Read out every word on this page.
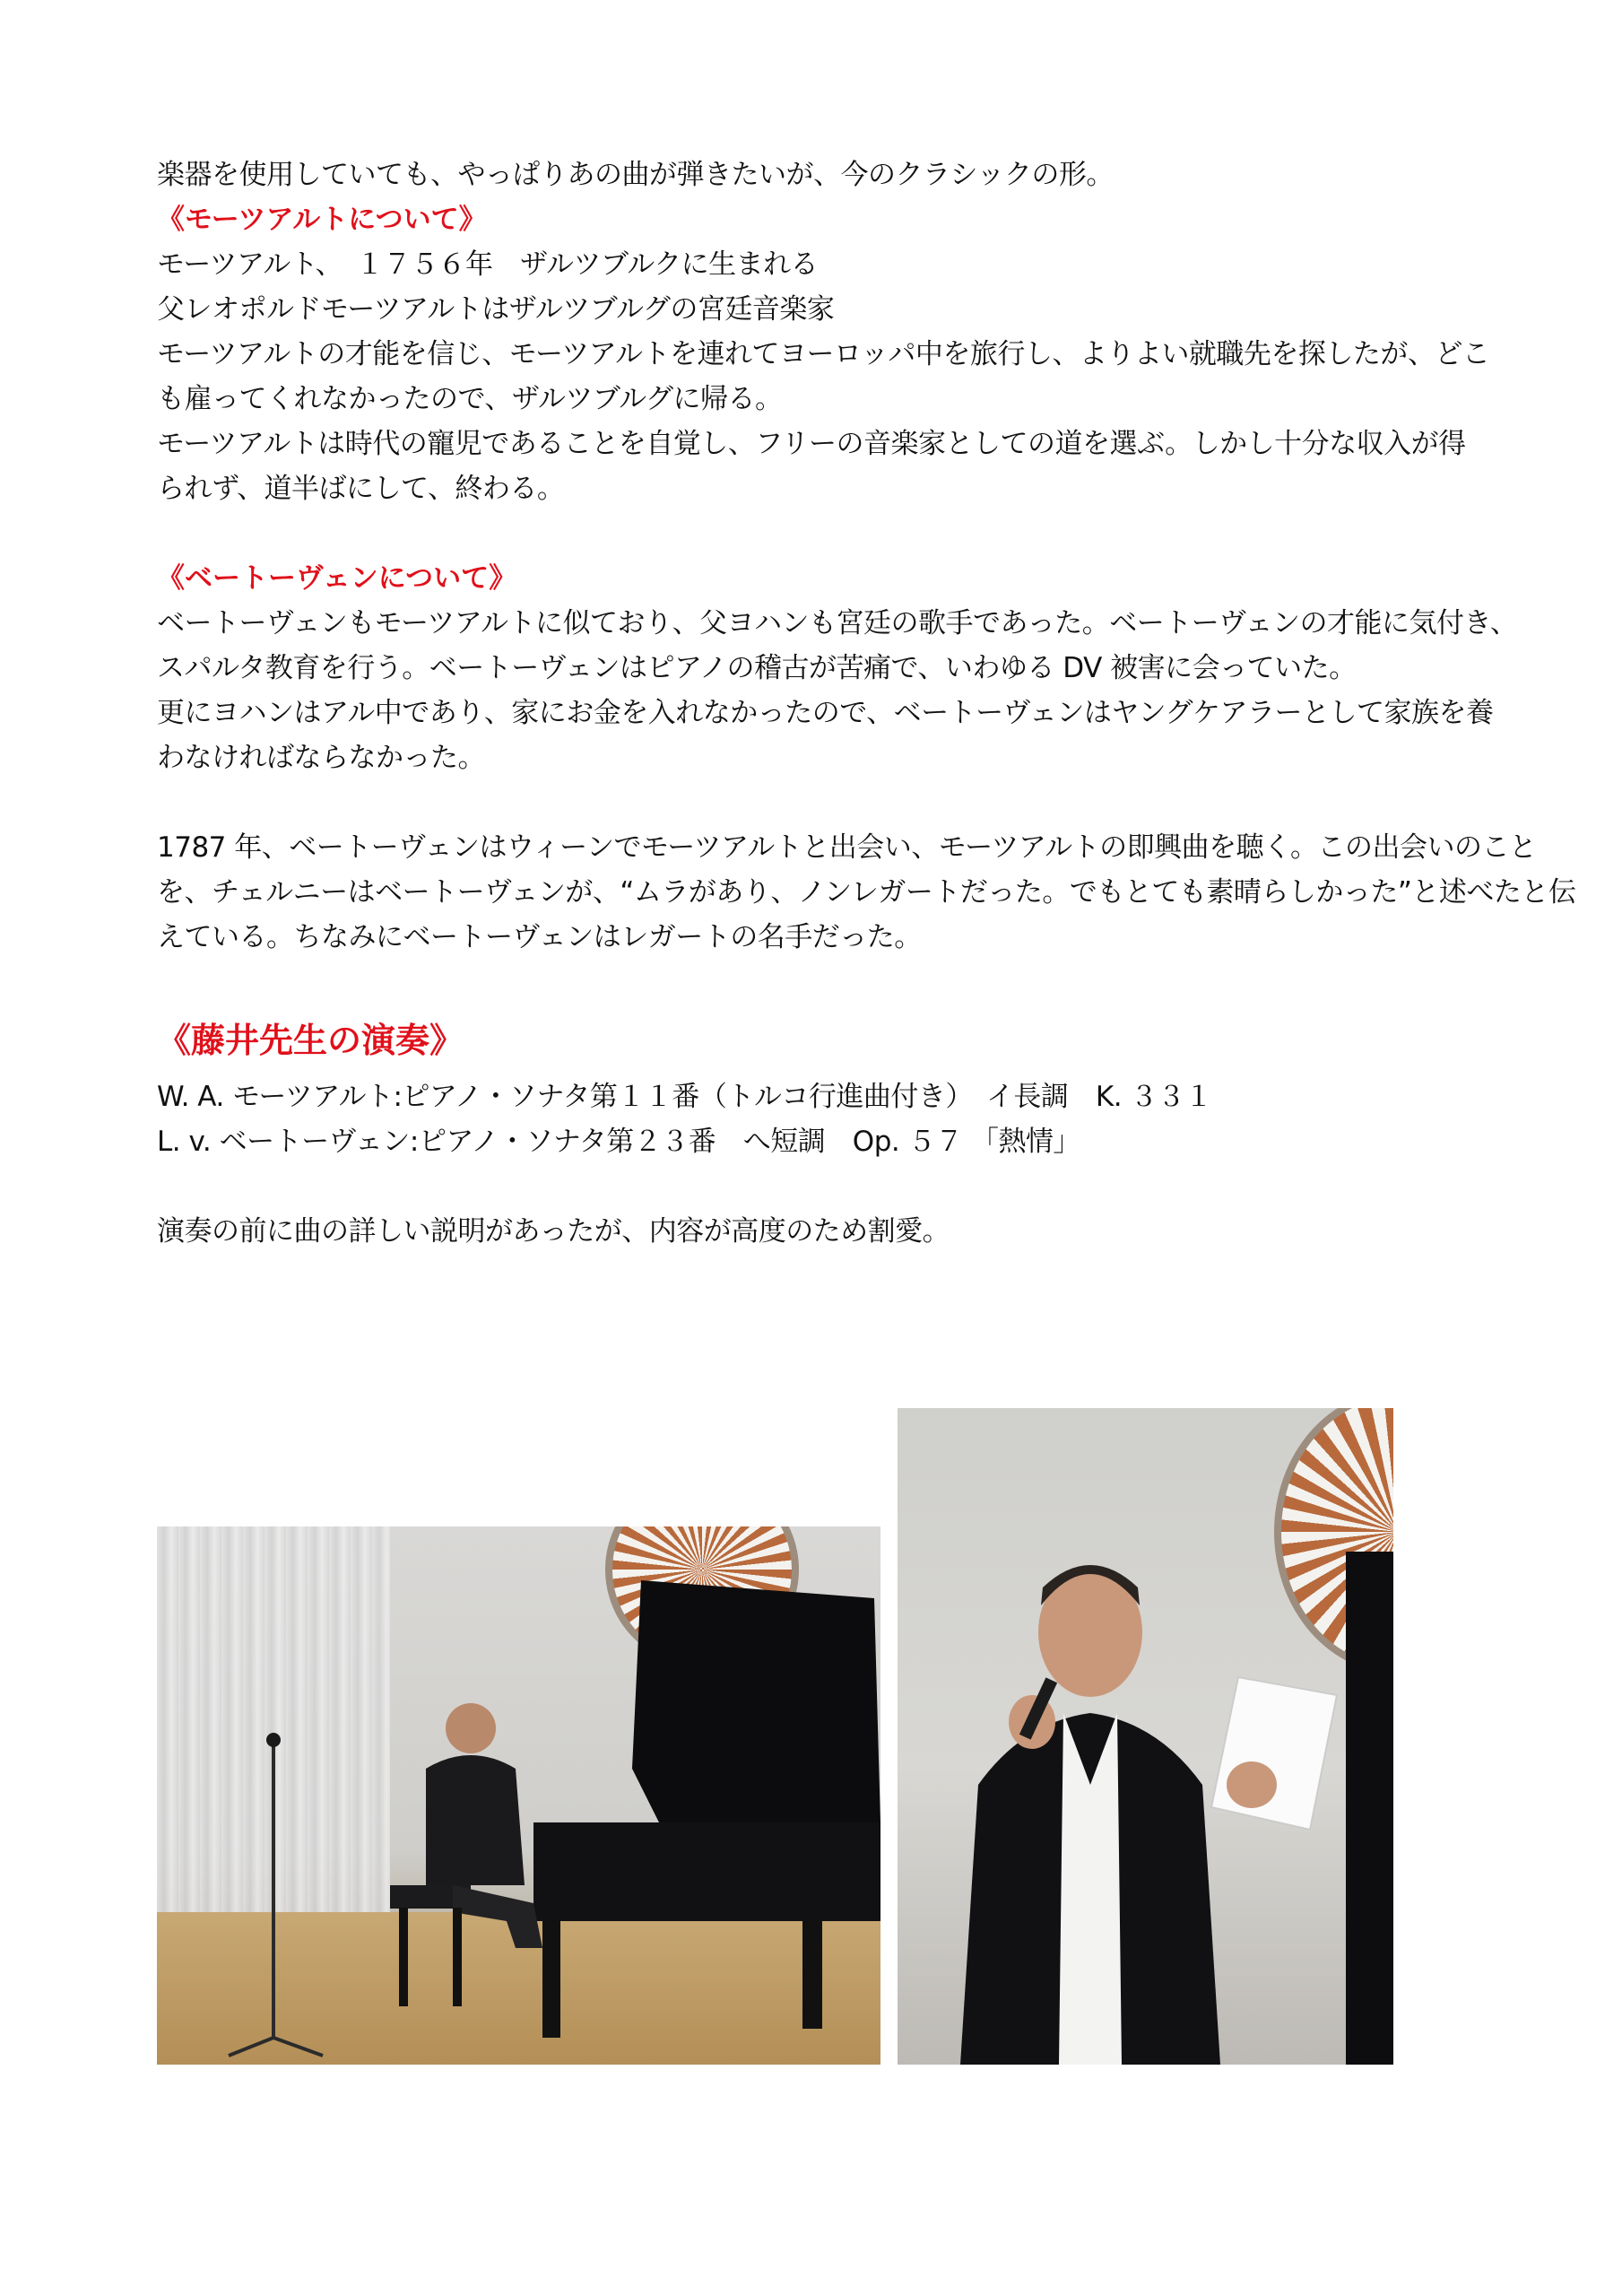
楽器を使用していても、やっぱりあの曲が弾きたいが、今のクラシックの形。
《モーツアルトについて》
モーツアルト、　１７５６年　ザルツブルクに生まれる
父レオポルドモーツアルトはザルツブルグの宮廷音楽家
モーツアルトの才能を信じ、モーツアルトを連れてヨーロッパ中を旅行し、よりよい就職先を探したが、どこ
も雇ってくれなかったので、ザルツブルグに帰る。
モーツアルトは時代の寵児であることを自覚し、フリーの音楽家としての道を選ぶ。しかし十分な収入が得
られず、道半ばにして、終わる。
《ベートーヴェンについて》
ベートーヴェンもモーツアルトに似ており、父ヨハンも宮廷の歌手であった。ベートーヴェンの才能に気付き、
スパルタ教育を行う。ベートーヴェンはピアノの稽古が苦痛で、いわゆる DV 被害に会っていた。
更にヨハンはアル中であり、家にお金を入れなかったので、ベートーヴェンはヤングケアラーとして家族を養
わなければならなかった。
1787 年、ベートーヴェンはウィーンでモーツアルトと出会い、モーツアルトの即興曲を聴く。この出会いのこと
を、チェルニーはベートーヴェンが、“ムラがあり、ノンレガートだった。でもとても素晴らしかった”と述べたと伝
えている。ちなみにベートーヴェンはレガートの名手だった。
《藤井先生の演奏》
W. A. モーツアルト:ピアノ・ソナタ第１１番（トルコ行進曲付き）　イ長調　K. ３３１
L. v. ベートーヴェン:ピアノ・ソナタ第２３番　へ短調　Op. ５７ 「熱情」
演奏の前に曲の詳しい説明があったが、内容が高度のため割愛。
